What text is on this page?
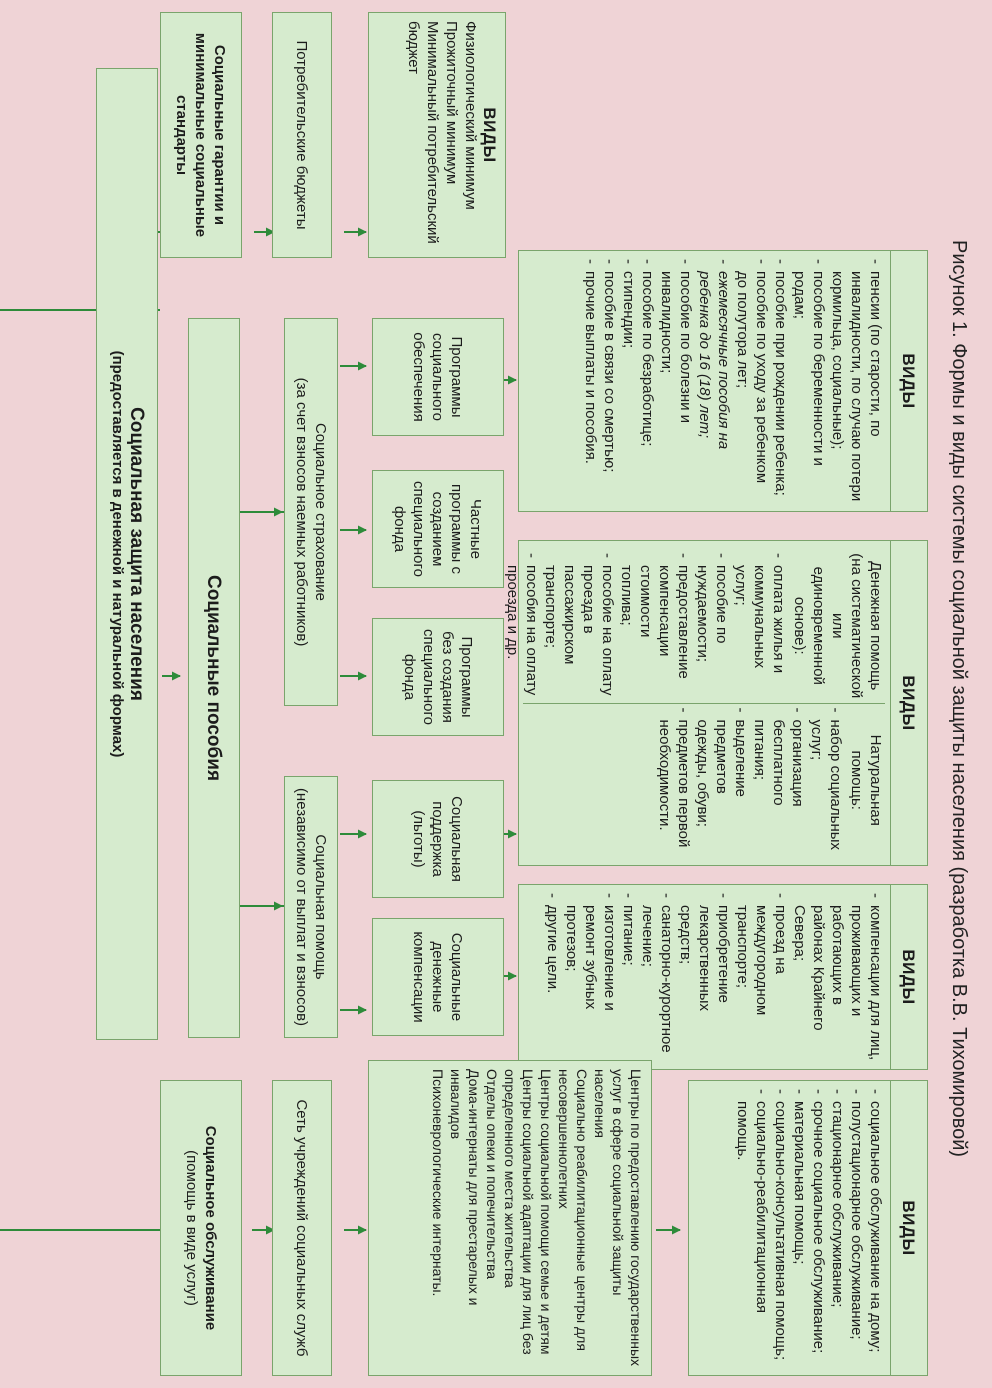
Рисунок 1. Формы и виды системы социальной защиты населения (разработка В.В. Тихомировой)
Социальная защита населения
(предоставляется в денежной и натуральной формах)
Социальные гарантии и минимальные социальные стандарты	Потребительские бюджеты	ВИДЫ
Физиологический минимум
Прожиточный минимум
Минимальный потребительский бюджет
Социальные пособия
Социальное страхование
(за счет взносов наемных работников)
Социальная помощь
(независимо от выплат и взносов)
Программы социального обеспечения
Частные программы с созданием специального фонда
Программы без создания специального фонда
Социальная поддержка (льготы)
Социальные денежные компенсации
ВИДЫ
- пенсии (по старости, по инвалидности, по случаю потери кормильца, социальные);
- пособие по беременности и родам;
- пособие при рождении ребенка;
- пособие по уходу за ребенком до полутора лет;
- ежемесячные пособия на ребенка до 16 (18) лет;
- пособие по болезни и инвалидности;
- пособие по безработице;
- стипендии;
- пособие в связи со смертью;
- прочие выплаты и пособия.
ВИДЫ
Денежная помощь (на систематической или единовременной основе):
- оплата жилья и коммунальных услуг;
- пособие по нуждаемости;
- предоставление компенсации стоимости топлива;
- пособие на оплату проезда в пассажирском транспорте;
- пособия на оплату проезда и др.
Натуральная помощь:
- набор социальных услуг;
- организация бесплатного питания;
- выделение предметов одежды, обуви;
- предметов первой необходимости.
ВИДЫ
- компенсации для лиц, проживающих и работающих в районах Крайнего Севера;
- проезд на междугородном транспорте;
- приобретение лекарственных средств;
- санаторно-курортное лечение;
- питание;
- изготовление и ремонт зубных протезов;
- другие цели.
Социальное обслуживание
(помощь в виде услуг)	Сеть учреждений социальных служб	Центры по предоставлению государственных услуг в сфере социальной защиты населения
Социально реабилитационные центры для несовершеннолетних
Центры социальной помощи семье и детям
Центры социальной адаптации для лиц без определенного места жительства
Отделы опеки и попечительства
Дома-интернаты для престарелых и инвалидов
Психоневрологические интернаты.	ВИДЫ
- социальное обслуживание на дому;
- полустационарное обслуживание;
- стационарное обслуживание;
- срочное социальное обслуживание;
- материальная помощь;
- социально-консультативная помощь;
- социально-реабилитационная помощь.
